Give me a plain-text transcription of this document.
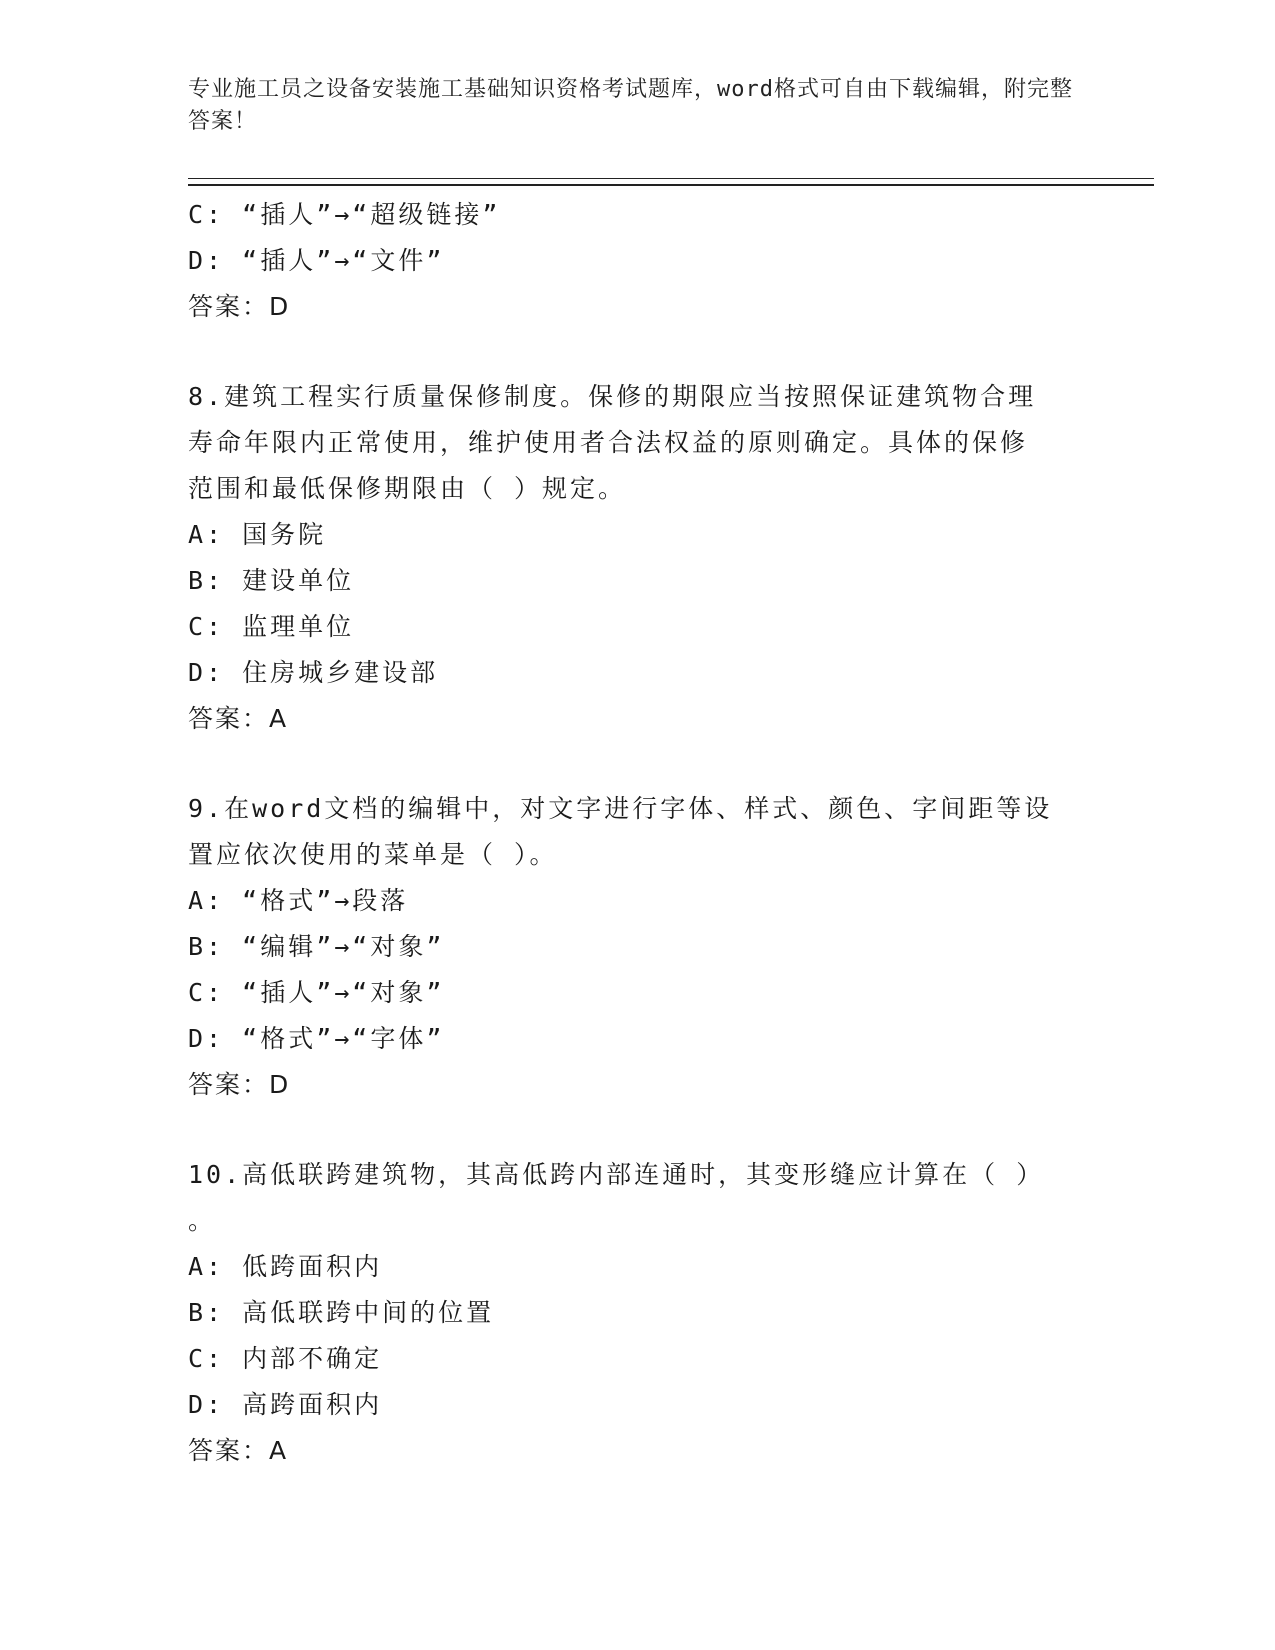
专业施工员之设备安装施工基础知识资格考试题库，word格式可自由下载编辑，附完整答案！

C: “插人”→“超级链接”

D: “插人”→“文件”

答案：D

8.建筑工程实行质量保修制度。保修的期限应当按照保证建筑物合理

寿命年限内正常使用，维护使用者合法权益的原则确定。具体的保修

范围和最低保修期限由（ ）规定。

A: 国务院

B: 建设单位

C: 监理单位

D: 住房城乡建设部

答案：A

9.在word文档的编辑中，对文字进行字体、样式、颜色、字间距等设

置应依次使用的菜单是（ ）。

A: “格式”→段落

B: “编辑”→“对象”

C: “插人”→“对象”

D: “格式”→“字体”

答案：D

10.高低联跨建筑物，其高低跨内部连通时，其变形缝应计算在（ ）

。

A: 低跨面积内

B: 高低联跨中间的位置

C: 内部不确定

D: 高跨面积内

答案：A
